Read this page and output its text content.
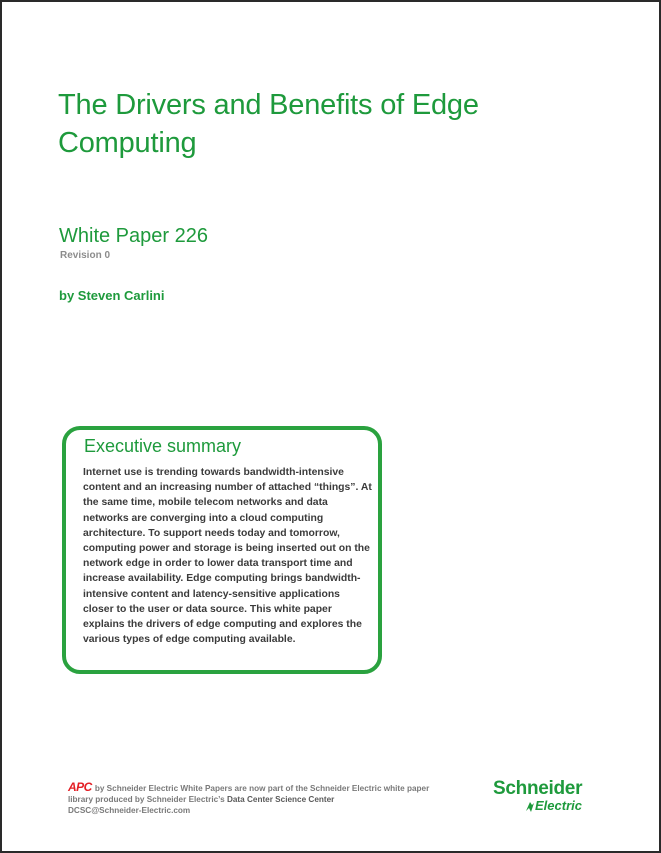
The Drivers and Benefits of Edge Computing
White Paper 226
Revision 0
by Steven Carlini
Executive summary

Internet use is trending towards bandwidth-intensive content and an increasing number of attached “things”. At the same time, mobile telecom networks and data networks are converging into a cloud computing architecture. To support needs today and tomorrow, computing power and storage is being inserted out on the network edge in order to lower data transport time and increase availability. Edge computing brings bandwidth-intensive content and latency-sensitive applications closer to the user or data source. This white paper explains the drivers of edge computing and explores the various types of edge computing available.

APC by Schneider Electric White Papers are now part of the Schneider Electric white paper library produced by Schneider Electric’s Data Center Science Center
DCSC@Schneider-Electric.com
Schneider
Electric
